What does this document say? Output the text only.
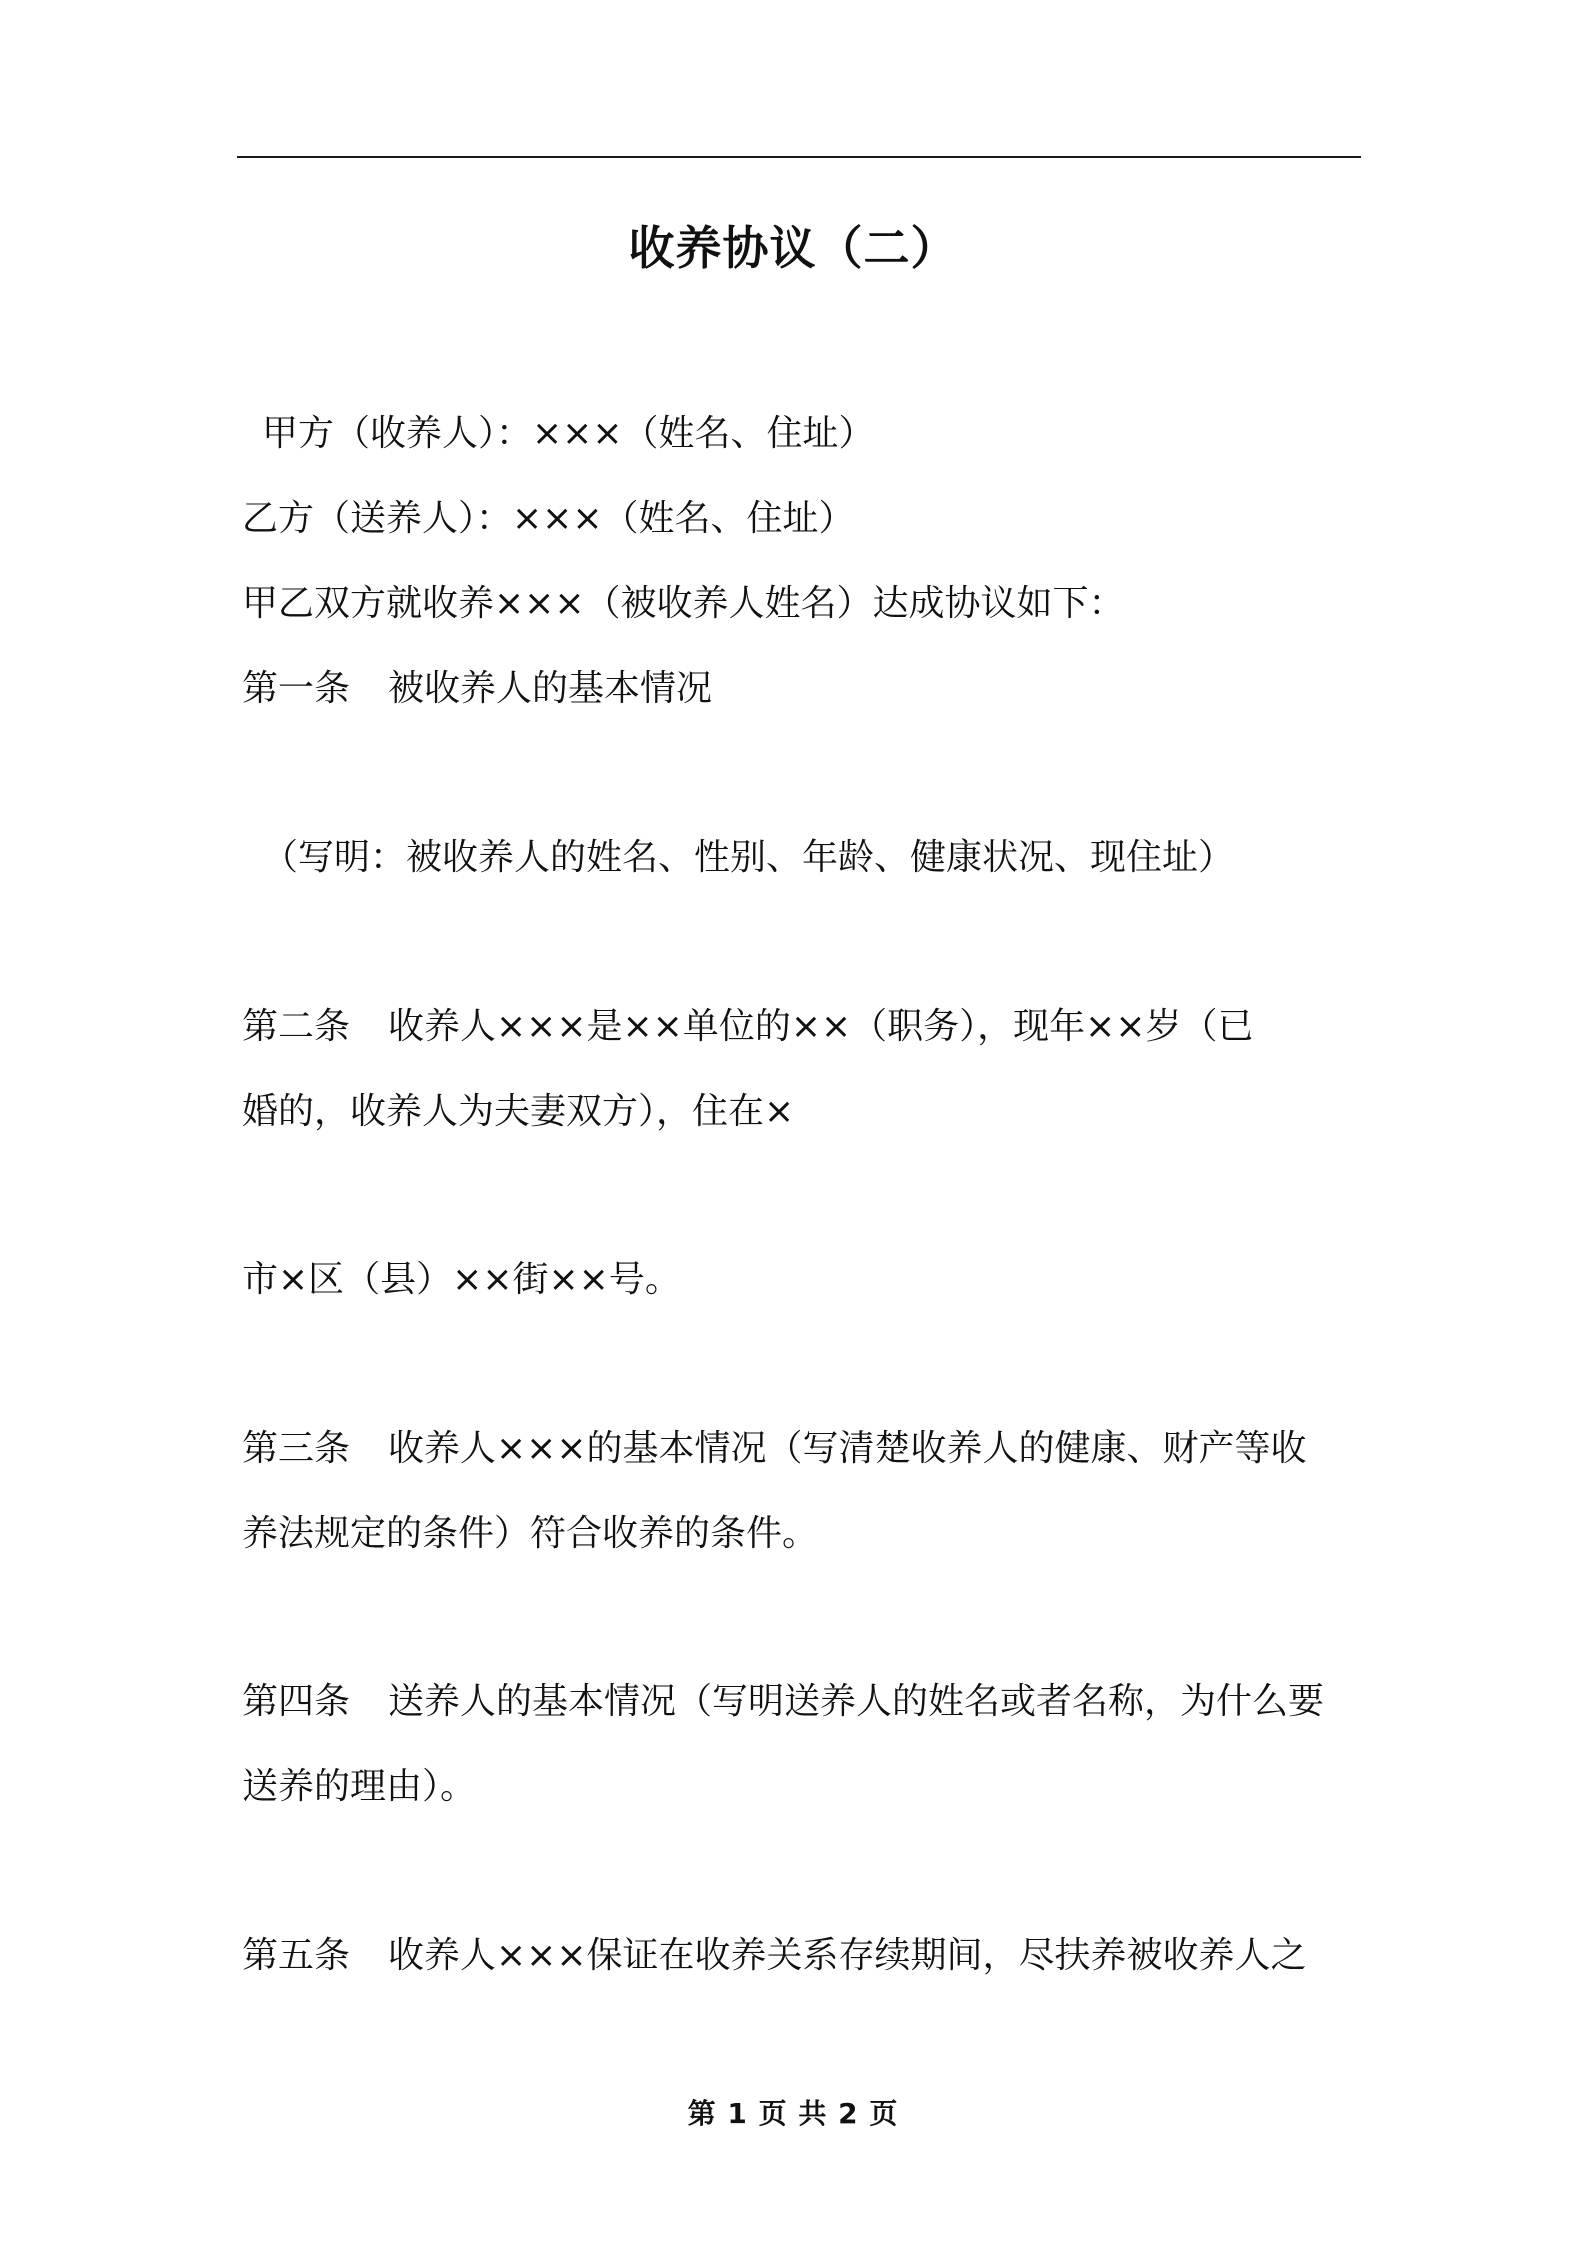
收养协议（二）
甲方（收养人）：×××（姓名、住址）
乙方（送养人）：×××（姓名、住址）
甲乙双方就收养×××（被收养人姓名）达成协议如下：
第一条 被收养人的基本情况
（写明：被收养人的姓名、性别、年龄、健康状况、现住址）
第二条 收养人×××是××单位的××（职务），现年××岁（已
婚的，收养人为夫妻双方），住在×
市×区（县）××街××号。
第三条 收养人×××的基本情况（写清楚收养人的健康、财产等收
养法规定的条件）符合收养的条件。
第四条 送养人的基本情况（写明送养人的姓名或者名称，为什么要
送养的理由）。
第五条 收养人×××保证在收养关系存续期间，尽扶养被收养人之
第 1 页 共 2 页
